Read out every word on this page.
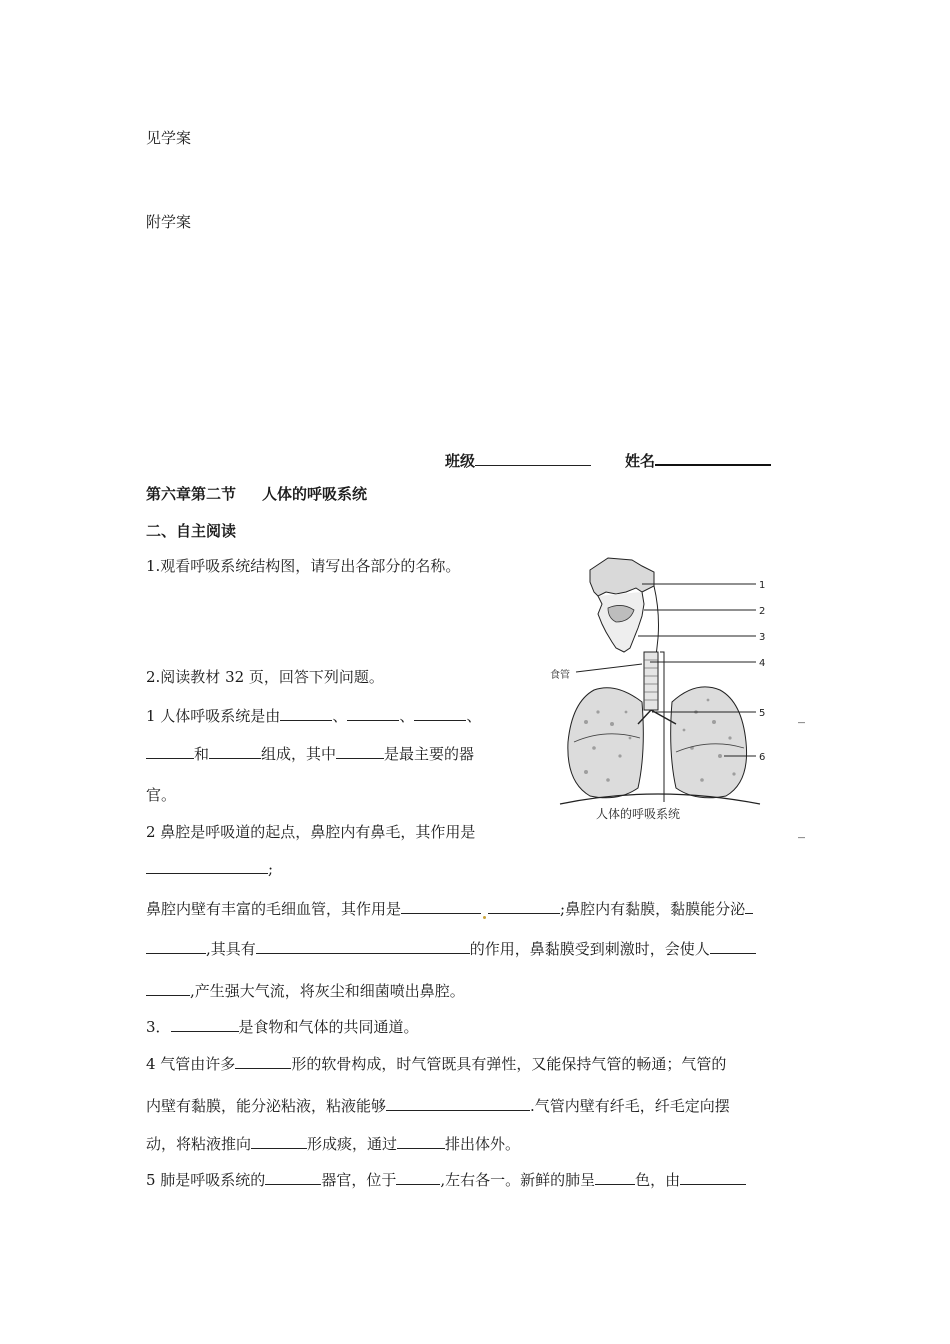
见学案
附学案
班级	姓名
第六章第二节 人体的呼吸系统
二、自主阅读
1.观看呼吸系统结构图，请写出各部分的名称。
2.阅读教材 32 页，回答下列问题。
1 人体呼吸系统是由	、	、	、
和	组成，其中	是最主要的器
官。
2 鼻腔是呼吸道的起点，鼻腔内有鼻毛，其作用是
;
鼻腔内壁有丰富的毛细血管，其作用是	;鼻腔内有黏膜，黏膜能分泌
,其具有	的作用，鼻黏膜受到刺激时，会使人
,产生强大气流，将灰尘和细菌喷出鼻腔。
3．	是食物和气体的共同通道。
4 气管由许多	形的软骨构成，时气管既具有弹性，又能保持气管的畅通；气管的
内壁有黏膜，能分泌粘液，粘液能够	.气管内壁有纤毛，纤毛定向摆
动，将粘液推向	形成痰，通过	排出体外。
5 肺是呼吸系统的	器官，位于	,左右各一。新鲜的肺呈	色，由
_
_
1
2
3
4
5
6
食管
人体的呼吸系统
